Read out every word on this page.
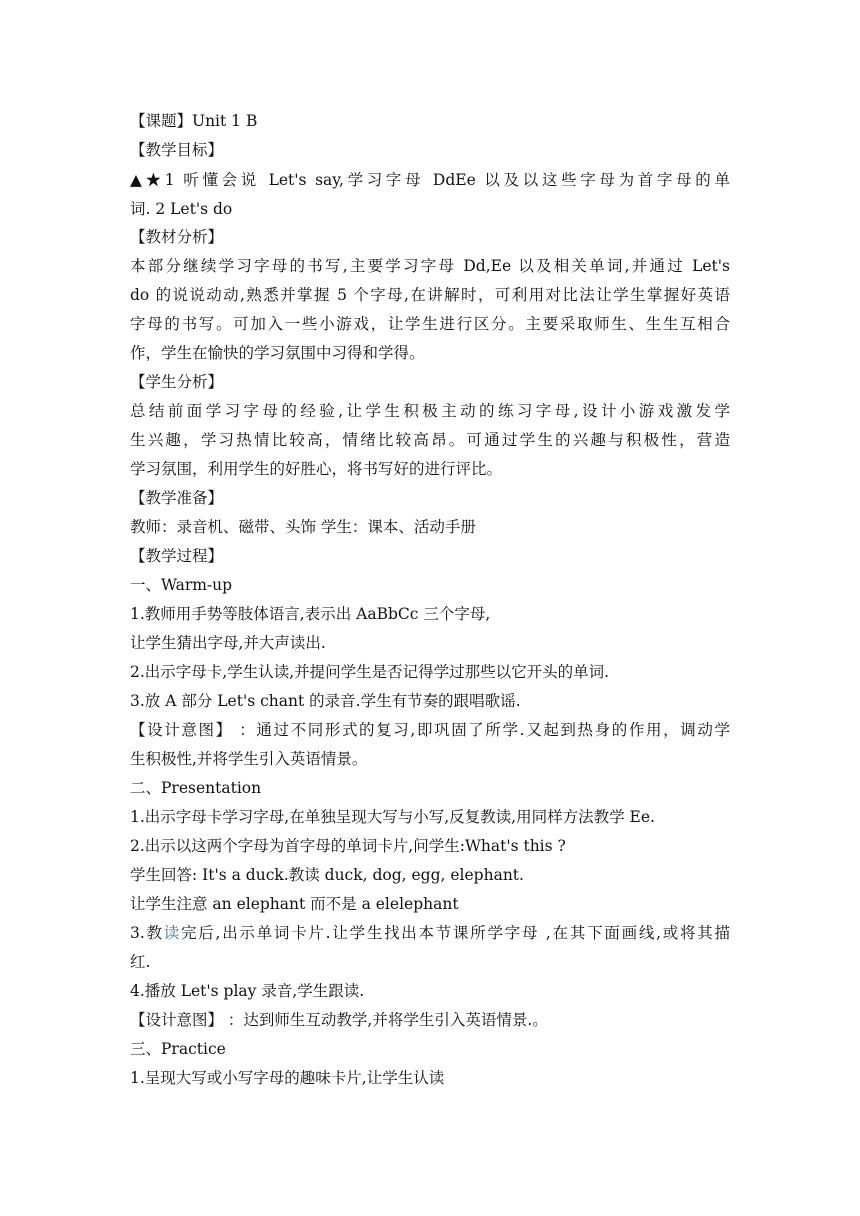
【课题】Unit 1 B
【教学目标】
▲★1 听懂会说 Let's say,学习字母 DdEe 以及以这些字母为首字母的单
词. 2 Let's do
【教材分析】
本部分继续学习字母的书写,主要学习字母 Dd,Ee 以及相关单词,并通过 Let's
do 的说说动动,熟悉并掌握 5 个字母,在讲解时，可利用对比法让学生掌握好英语
字母的书写。可加入一些小游戏，让学生进行区分。主要采取师生、生生互相合
作，学生在愉快的学习氛围中习得和学得。
【学生分析】
总结前面学习字母的经验,让学生积极主动的练习字母,设计小游戏激发学
生兴趣，学习热情比较高，情绪比较高昂。可通过学生的兴趣与积极性，营造
学习氛围，利用学生的好胜心，将书写好的进行评比。
【教学准备】
教师：录音机、磁带、头饰 学生：课本、活动手册
【教学过程】
一、Warm-up
1.教师用手势等肢体语言,表示出 AaBbCc 三个字母,
让学生猜出字母,并大声读出.
2.出示字母卡,学生认读,并提问学生是否记得学过那些以它开头的单词.
3.放 A 部分 Let's chant 的录音.学生有节奏的跟唱歌谣.
【设计意图】 ：通过不同形式的复习,即巩固了所学.又起到热身的作用，调动学
生积极性,并将学生引入英语情景。
二、Presentation
1.出示字母卡学习字母,在单独呈现大写与小写,反复教读,用同样方法教学 Ee.
2.出示以这两个字母为首字母的单词卡片,问学生:What's this ?
学生回答: It's a duck.教读 duck, dog, egg, elephant.
让学生注意 an elephant 而不是 a elelephant
3.教读完后,出示单词卡片.让学生找出本节课所学字母 ,在其下面画线,或将其描
红.
4.播放 Let's play 录音,学生跟读.
【设计意图】 ：达到师生互动教学,并将学生引入英语情景.。
三、Practice
1.呈现大写或小写字母的趣味卡片,让学生认读
